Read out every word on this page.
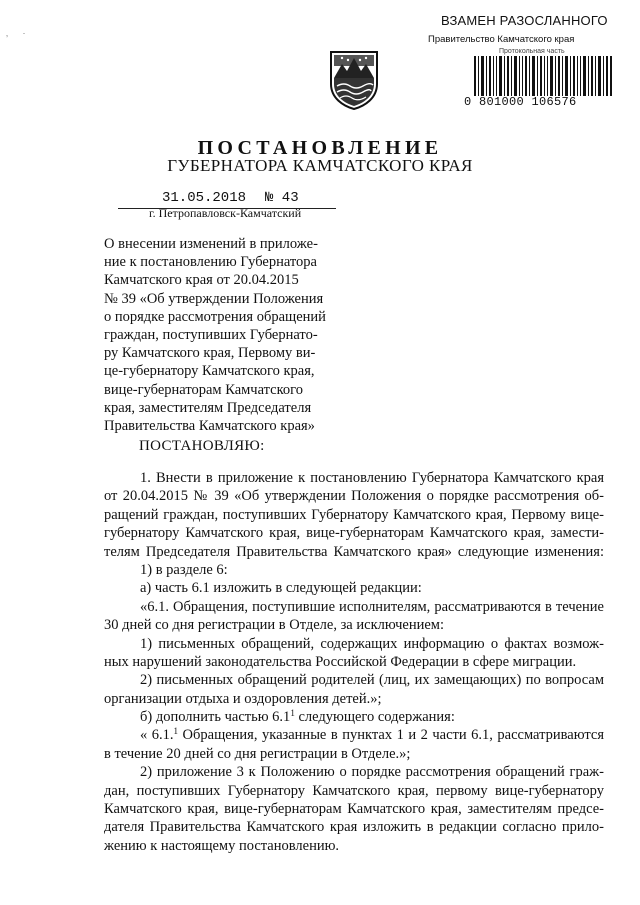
‚ ·
ВЗАМЕН РАЗОСЛАННОГО
Правительство Камчатского края
Протокольная часть
0 801000 106576
ПОСТАНОВЛЕНИЕ
ГУБЕРНАТОРА КАМЧАТСКОГО КРАЯ
31.05.2018 № 43
г. Петропавловск-Камчатский
О внесении изменений в приложе-
ние к постановлению Губернатора
Камчатского края от 20.04.2015
№ 39 «Об утверждении Положения
о порядке рассмотрения обращений
граждан, поступивших Губернато-
ру Камчатского края, Первому ви-
це-губернатору Камчатского края,
вице-губернаторам Камчатского
края, заместителям Председателя
Правительства Камчатского края»
ПОСТАНОВЛЯЮ:
1. Внести в приложение к постановлению Губернатора Камчатского края
от 20.04.2015 № 39 «Об утверждении Положения о порядке рассмотрения об-
ращений граждан, поступивших Губернатору Камчатского края, Первому вице-
губернатору Камчатского края, вице-губернаторам Камчатского края, замести-
телям Председателя Правительства Камчатского края» следующие изменения:
1) в разделе 6:
а) часть 6.1 изложить в следующей редакции:
«6.1. Обращения, поступившие исполнителям, рассматриваются в течение
30 дней со дня регистрации в Отделе, за исключением:
1) письменных обращений, содержащих информацию о фактах возмож-
ных нарушений законодательства Российской Федерации в сфере миграции.
2) письменных обращений родителей (лиц, их замещающих) по вопросам
организации отдыха и оздоровления детей.»;
б) дополнить частью $6.1^1$ следующего содержания:
« 6.1.$^1$ Обращения, указанные в пунктах 1 и 2 части 6.1, рассматриваются
в течение 20 дней со дня регистрации в Отделе.»;
2) приложение 3 к Положению о порядке рассмотрения обращений граж-
дан, поступивших Губернатору Камчатского края, первому вице-губернатору
Камчатского края, вице-губернаторам Камчатского края, заместителям предсе-
дателя Правительства Камчатского края изложить в редакции согласно прило-
жению к настоящему постановлению.
